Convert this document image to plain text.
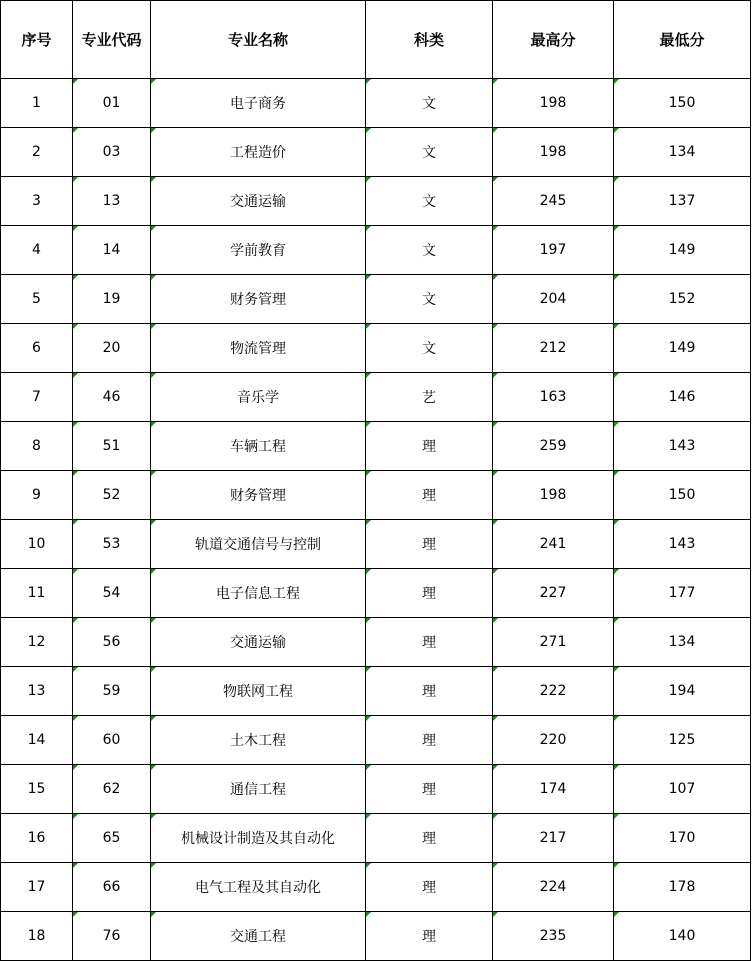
序号	专业代码	专业名称	科类	最高分	最低分
1	01	电子商务	文	198	150
2	03	工程造价	文	198	134
3	13	交通运输	文	245	137
4	14	学前教育	文	197	149
5	19	财务管理	文	204	152
6	20	物流管理	文	212	149
7	46	音乐学	艺	163	146
8	51	车辆工程	理	259	143
9	52	财务管理	理	198	150
10	53	轨道交通信号与控制	理	241	143
11	54	电子信息工程	理	227	177
12	56	交通运输	理	271	134
13	59	物联网工程	理	222	194
14	60	土木工程	理	220	125
15	62	通信工程	理	174	107
16	65	机械设计制造及其自动化	理	217	170
17	66	电气工程及其自动化	理	224	178
18	76	交通工程	理	235	140
